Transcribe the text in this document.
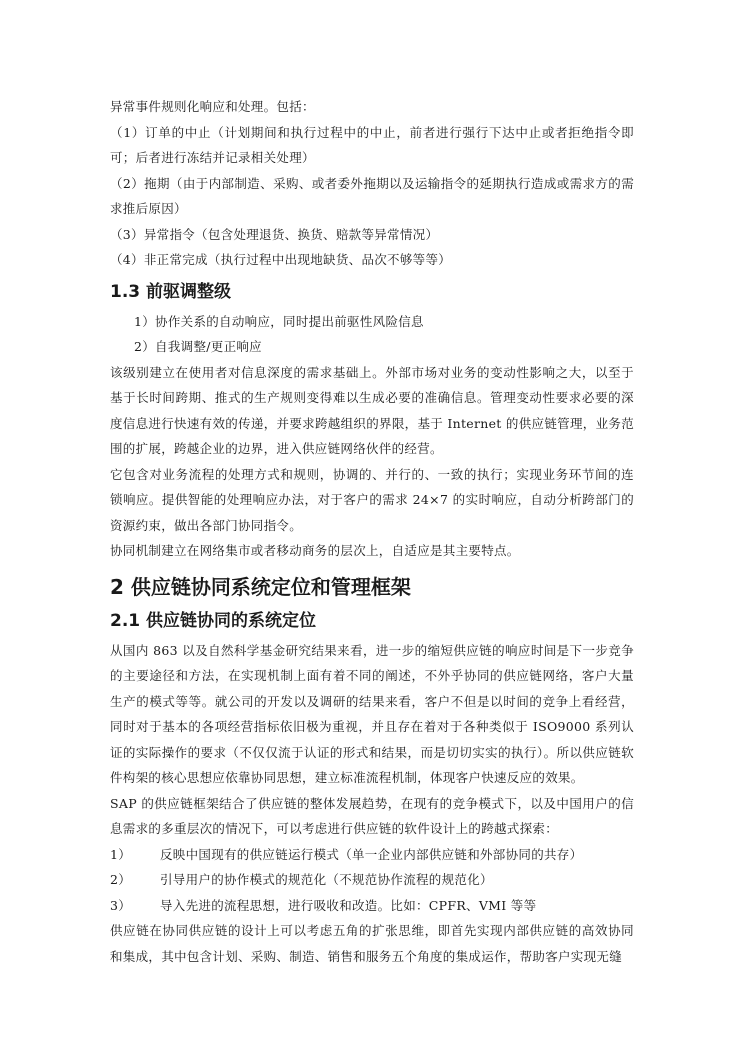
异常事件规则化响应和处理。包括：

（1）订单的中止（计划期间和执行过程中的中止，前者进行强行下达中止或者拒绝指令即可；后者进行冻结并记录相关处理）

（2）拖期（由于内部制造、采购、或者委外拖期以及运输指令的延期执行造成或需求方的需求推后原因）

（3）异常指令（包含处理退货、换货、赔款等异常情况）

（4）非正常完成（执行过程中出现地缺货、品次不够等等）

1.3 前驱调整级

1）协作关系的自动响应，同时提出前驱性风险信息

2）自我调整/更正响应

该级别建立在使用者对信息深度的需求基础上。外部市场对业务的变动性影响之大，以至于基于长时间跨期、推式的生产规则变得难以生成必要的准确信息。管理变动性要求必要的深度信息进行快速有效的传递，并要求跨越组织的界限，基于 Internet 的供应链管理，业务范围的扩展，跨越企业的边界，进入供应链网络伙伴的经营。

它包含对业务流程的处理方式和规则，协调的、并行的、一致的执行；实现业务环节间的连锁响应。提供智能的处理响应办法，对于客户的需求 24×7 的实时响应，自动分析跨部门的资源约束，做出各部门协同指令。

协同机制建立在网络集市或者移动商务的层次上，自适应是其主要特点。

2 供应链协同系统定位和管理框架
2.1 供应链协同的系统定位

从国内 863 以及自然科学基金研究结果来看，进一步的缩短供应链的响应时间是下一步竞争的主要途径和方法，在实现机制上面有着不同的阐述，不外乎协同的供应链网络，客户大量生产的模式等等。就公司的开发以及调研的结果来看，客户不但是以时间的竞争上看经营，同时对于基本的各项经营指标依旧极为重视，并且存在着对于各种类似于 ISO9000 系列认证的实际操作的要求（不仅仅流于认证的形式和结果，而是切切实实的执行）。所以供应链软件构架的核心思想应依靠协同思想，建立标准流程机制，体现客户快速反应的效果。

SAP 的供应链框架结合了供应链的整体发展趋势，在现有的竞争模式下，以及中国用户的信息需求的多重层次的情况下，可以考虑进行供应链的软件设计上的跨越式探索：

1）	反映中国现有的供应链运行模式（单一企业内部供应链和外部协同的共存）
2）	引导用户的协作模式的规范化（不规范协作流程的规范化）
3）	导入先进的流程思想，进行吸收和改造。比如：CPFR、VMI 等等

供应链在协同供应链的设计上可以考虑五角的扩张思维，即首先实现内部供应链的高效协同和集成，其中包含计划、采购、制造、销售和服务五个角度的集成运作，帮助客户实现无缝
